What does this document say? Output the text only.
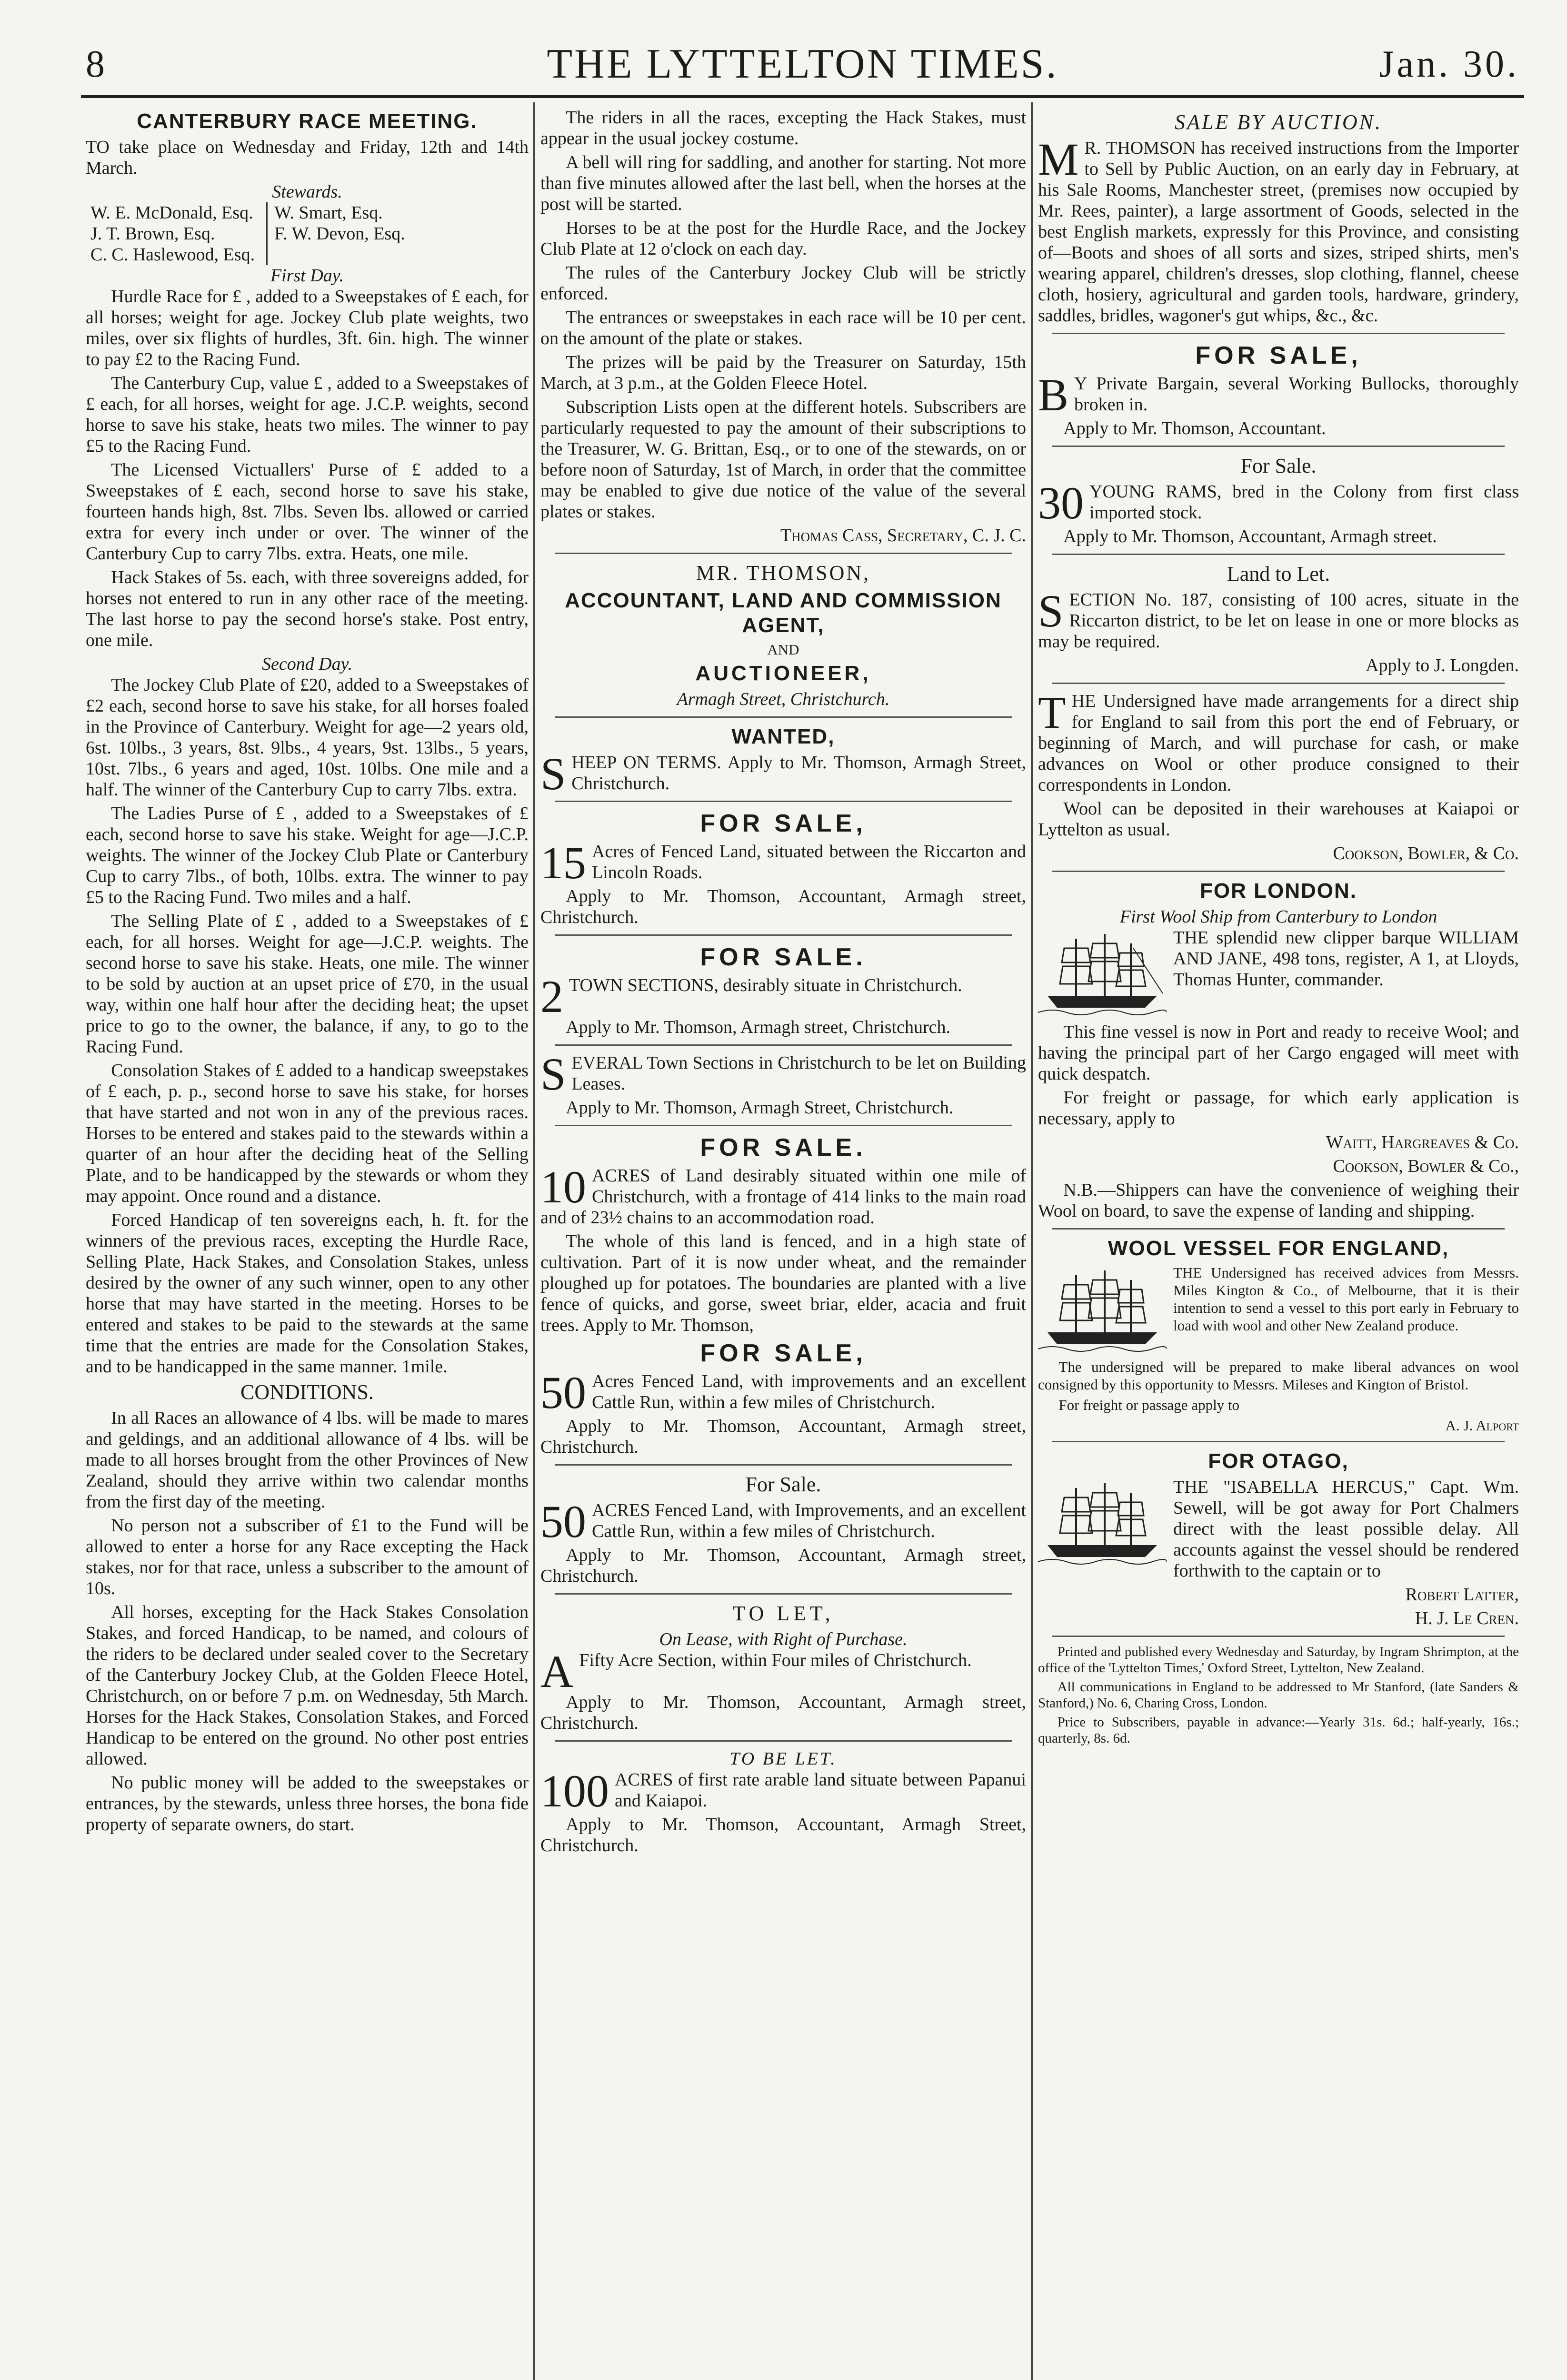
8	THE LYTTELTON TIMES.	Jan. 30.
CANTERBURY RACE MEETING.

TO take place on Wednesday and Friday, 12th and 14th March.

Stewards.
W. E. McDonald, Esq.
J. T. Brown, Esq.
C. C. Haslewood, Esq.
W. Smart, Esq.
F. W. Devon, Esq.
First Day.

Hurdle Race for £ , added to a Sweepstakes of £ each, for all horses; weight for age. Jockey Club plate weights, two miles, over six flights of hurdles, 3ft. 6in. high. The winner to pay £2 to the Racing Fund.

The Canterbury Cup, value £ , added to a Sweepstakes of £ each, for all horses, weight for age. J.C.P. weights, second horse to save his stake, heats two miles. The winner to pay £5 to the Racing Fund.

The Licensed Victuallers' Purse of £ added to a Sweepstakes of £ each, second horse to save his stake, fourteen hands high, 8st. 7lbs. Seven lbs. allowed or carried extra for every inch under or over. The winner of the Canterbury Cup to carry 7lbs. extra. Heats, one mile.

Hack Stakes of 5s. each, with three sovereigns added, for horses not entered to run in any other race of the meeting. The last horse to pay the second horse's stake. Post entry, one mile.

Second Day.

The Jockey Club Plate of £20, added to a Sweepstakes of £2 each, second horse to save his stake, for all horses foaled in the Province of Canterbury. Weight for age—2 years old, 6st. 10lbs., 3 years, 8st. 9lbs., 4 years, 9st. 13lbs., 5 years, 10st. 7lbs., 6 years and aged, 10st. 10lbs. One mile and a half. The winner of the Canterbury Cup to carry 7lbs. extra.

The Ladies Purse of £ , added to a Sweepstakes of £ each, second horse to save his stake. Weight for age—J.C.P. weights. The winner of the Jockey Club Plate or Canterbury Cup to carry 7lbs., of both, 10lbs. extra. The winner to pay £5 to the Racing Fund. Two miles and a half.

The Selling Plate of £ , added to a Sweepstakes of £ each, for all horses. Weight for age—J.C.P. weights. The second horse to save his stake. Heats, one mile. The winner to be sold by auction at an upset price of £70, in the usual way, within one half hour after the deciding heat; the upset price to go to the owner, the balance, if any, to go to the Racing Fund.

Consolation Stakes of £ added to a handicap sweepstakes of £ each, p. p., second horse to save his stake, for horses that have started and not won in any of the previous races. Horses to be entered and stakes paid to the stewards within a quarter of an hour after the deciding heat of the Selling Plate, and to be handicapped by the stewards or whom they may appoint. Once round and a distance.

Forced Handicap of ten sovereigns each, h. ft. for the winners of the previous races, excepting the Hurdle Race, Selling Plate, Hack Stakes, and Consolation Stakes, unless desired by the owner of any such winner, open to any other horse that may have started in the meeting. Horses to be entered and stakes to be paid to the stewards at the same time that the entries are made for the Consolation Stakes, and to be handicapped in the same manner. 1mile.

CONDITIONS.

In all Races an allowance of 4 lbs. will be made to mares and geldings, and an additional allowance of 4 lbs. will be made to all horses brought from the other Provinces of New Zealand, should they arrive within two calendar months from the first day of the meeting.

No person not a subscriber of £1 to the Fund will be allowed to enter a horse for any Race excepting the Hack stakes, nor for that race, unless a subscriber to the amount of 10s.

All horses, excepting for the Hack Stakes Consolation Stakes, and forced Handicap, to be named, and colours of the riders to be declared under sealed cover to the Secretary of the Canterbury Jockey Club, at the Golden Fleece Hotel, Christchurch, on or before 7 p.m. on Wednesday, 5th March. Horses for the Hack Stakes, Consolation Stakes, and Forced Handicap to be entered on the ground. No other post entries allowed.

No public money will be added to the sweepstakes or entrances, by the stewards, unless three horses, the bona fide property of separate owners, do start.

The riders in all the races, excepting the Hack Stakes, must appear in the usual jockey costume.

A bell will ring for saddling, and another for starting. Not more than five minutes allowed after the last bell, when the horses at the post will be started.

Horses to be at the post for the Hurdle Race, and the Jockey Club Plate at 12 o'clock on each day.

The rules of the Canterbury Jockey Club will be strictly enforced.

The entrances or sweepstakes in each race will be 10 per cent. on the amount of the plate or stakes.

The prizes will be paid by the Treasurer on Saturday, 15th March, at 3 p.m., at the Golden Fleece Hotel.

Subscription Lists open at the different hotels. Subscribers are particularly requested to pay the amount of their subscriptions to the Treasurer, W. G. Brittan, Esq., or to one of the stewards, on or before noon of Saturday, 1st of March, in order that the committee may be enabled to give due notice of the value of the several plates or stakes.

Thomas Cass, Secretary, C. J. C.

MR. THOMSON,
ACCOUNTANT, LAND AND COMMISSION AGENT,
AND
AUCTIONEER,
Armagh Street, Christchurch.
WANTED,

SHEEP ON TERMS. Apply to Mr. Thomson, Armagh Street, Christchurch.

FOR SALE,

15 Acres of Fenced Land, situated between the Riccarton and Lincoln Roads.

Apply to Mr. Thomson, Accountant, Armagh street, Christchurch.

FOR SALE.

2 TOWN SECTIONS, desirably situate in Christchurch.

Apply to Mr. Thomson, Armagh street, Christchurch.

SEVERAL Town Sections in Christchurch to be let on Building Leases.

Apply to Mr. Thomson, Armagh Street, Christchurch.

FOR SALE.

10 ACRES of Land desirably situated within one mile of Christchurch, with a frontage of 414 links to the main road and of 23½ chains to an accommodation road.

The whole of this land is fenced, and in a high state of cultivation. Part of it is now under wheat, and the remainder ploughed up for potatoes. The boundaries are planted with a live fence of quicks, and gorse, sweet briar, elder, acacia and fruit trees. Apply to Mr. Thomson,

FOR SALE,

50 Acres Fenced Land, with improvements and an excellent Cattle Run, within a few miles of Christchurch.

Apply to Mr. Thomson, Accountant, Armagh street, Christchurch.

For Sale.

50 ACRES Fenced Land, with Improvements, and an excellent Cattle Run, within a few miles of Christchurch.

Apply to Mr. Thomson, Accountant, Armagh street, Christchurch.

TO LET,
On Lease, with Right of Purchase.

A Fifty Acre Section, within Four miles of Christchurch.

Apply to Mr. Thomson, Accountant, Armagh street, Christchurch.

TO BE LET.

100 ACRES of first rate arable land situate between Papanui and Kaiapoi.

Apply to Mr. Thomson, Accountant, Armagh Street, Christchurch.

SALE BY AUCTION.

M R. THOMSON has received instructions from the Importer to Sell by Public Auction, on an early day in February, at his Sale Rooms, Manchester street, (premises now occupied by Mr. Rees, painter), a large assortment of Goods, selected in the best English markets, expressly for this Province, and consisting of—Boots and shoes of all sorts and sizes, striped shirts, men's wearing apparel, children's dresses, slop clothing, flannel, cheese cloth, hosiery, agricultural and garden tools, hardware, grindery, saddles, bridles, wagoner's gut whips, &c., &c.

FOR SALE,

B Y Private Bargain, several Working Bullocks, thoroughly broken in.

Apply to Mr. Thomson, Accountant.

For Sale.

30 YOUNG RAMS, bred in the Colony from first class imported stock.

Apply to Mr. Thomson, Accountant, Armagh street.

Land to Let.

SECTION No. 187, consisting of 100 acres, situate in the Riccarton district, to be let on lease in one or more blocks as may be required.

Apply to J. Longden.

THE Undersigned have made arrangements for a direct ship for England to sail from this port the end of February, or beginning of March, and will purchase for cash, or make advances on Wool or other produce consigned to their correspondents in London.

Wool can be deposited in their warehouses at Kaiapoi or Lyttelton as usual.

Cookson, Bowler, & Co.

FOR LONDON.
First Wool Ship from Canterbury to London

THE splendid new clipper barque WILLIAM AND JANE, 498 tons, register, A 1, at Lloyds, Thomas Hunter, commander.

This fine vessel is now in Port and ready to receive Wool; and having the principal part of her Cargo engaged will meet with quick despatch.

For freight or passage, for which early application is necessary, apply to

Waitt, Hargreaves & Co.

Cookson, Bowler & Co.,

N.B.—Shippers can have the convenience of weighing their Wool on board, to save the expense of landing and shipping.

WOOL VESSEL FOR ENGLAND,

THE Undersigned has received advices from Messrs. Miles Kington & Co., of Melbourne, that it is their intention to send a vessel to this port early in February to load with wool and other New Zealand produce.

The undersigned will be prepared to make liberal advances on wool consigned by this opportunity to Messrs. Mileses and Kington of Bristol.

For freight or passage apply to

A. J. Alport

FOR OTAGO,

THE "ISABELLA HERCUS," Capt. Wm. Sewell, will be got away for Port Chalmers direct with the least possible delay. All accounts against the vessel should be rendered forthwith to the captain or to

Robert Latter,

H. J. Le Cren.

Printed and published every Wednesday and Saturday, by Ingram Shrimpton, at the office of the 'Lyttelton Times,' Oxford Street, Lyttelton, New Zealand.

All communications in England to be addressed to Mr Stanford, (late Sanders & Stanford,) No. 6, Charing Cross, London.

Price to Subscribers, payable in advance:—Yearly 31s. 6d.; half-yearly, 16s.; quarterly, 8s. 6d.
